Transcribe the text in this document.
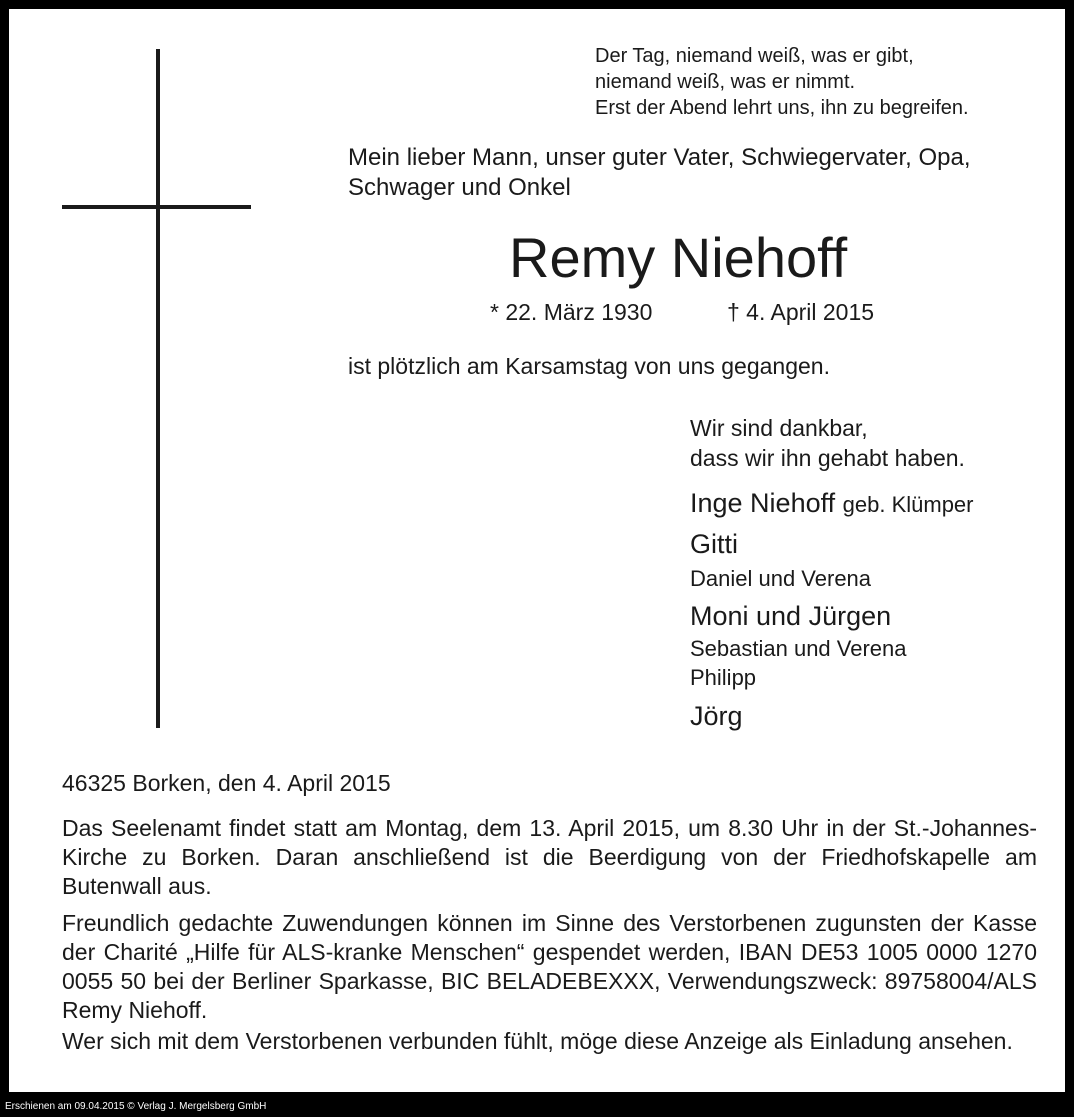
Der Tag, niemand weiß, was er gibt,
niemand weiß, was er nimmt.
Erst der Abend lehrt uns, ihn zu begreifen.
Mein lieber Mann, unser guter Vater, Schwiegervater, Opa,
Schwager und Onkel
Remy Niehoff
* 22. März 1930	† 4. April 2015
ist plötzlich am Karsamstag von uns gegangen.
Wir sind dankbar,
dass wir ihn gehabt haben.
Inge Niehoff geb. Klümper
Gitti
Daniel und Verena
Moni und Jürgen
Sebastian und Verena
Philipp
Jörg
46325 Borken, den 4. April 2015

Das Seelenamt findet statt am Montag, dem 13. April 2015, um 8.30 Uhr in der St.-Johannes-Kirche zu Borken. Daran anschließend ist die Beerdigung von der Friedhofskapelle am Butenwall aus.

Freundlich gedachte Zuwendungen können im Sinne des Verstorbenen zugunsten der Kasse der Charité „Hilfe für ALS-kranke Menschen“ gespendet werden, IBAN DE53 1005 0000 1270 0055 50 bei der Berliner Sparkasse, BIC BELADEBEXXX, Verwendungszweck: 89758004/ALS Remy Niehoff.

Wer sich mit dem Verstorbenen verbunden fühlt, möge diese Anzeige als Einladung ansehen.

Erschienen am 09.04.2015 © Verlag J. Mergelsberg GmbH
